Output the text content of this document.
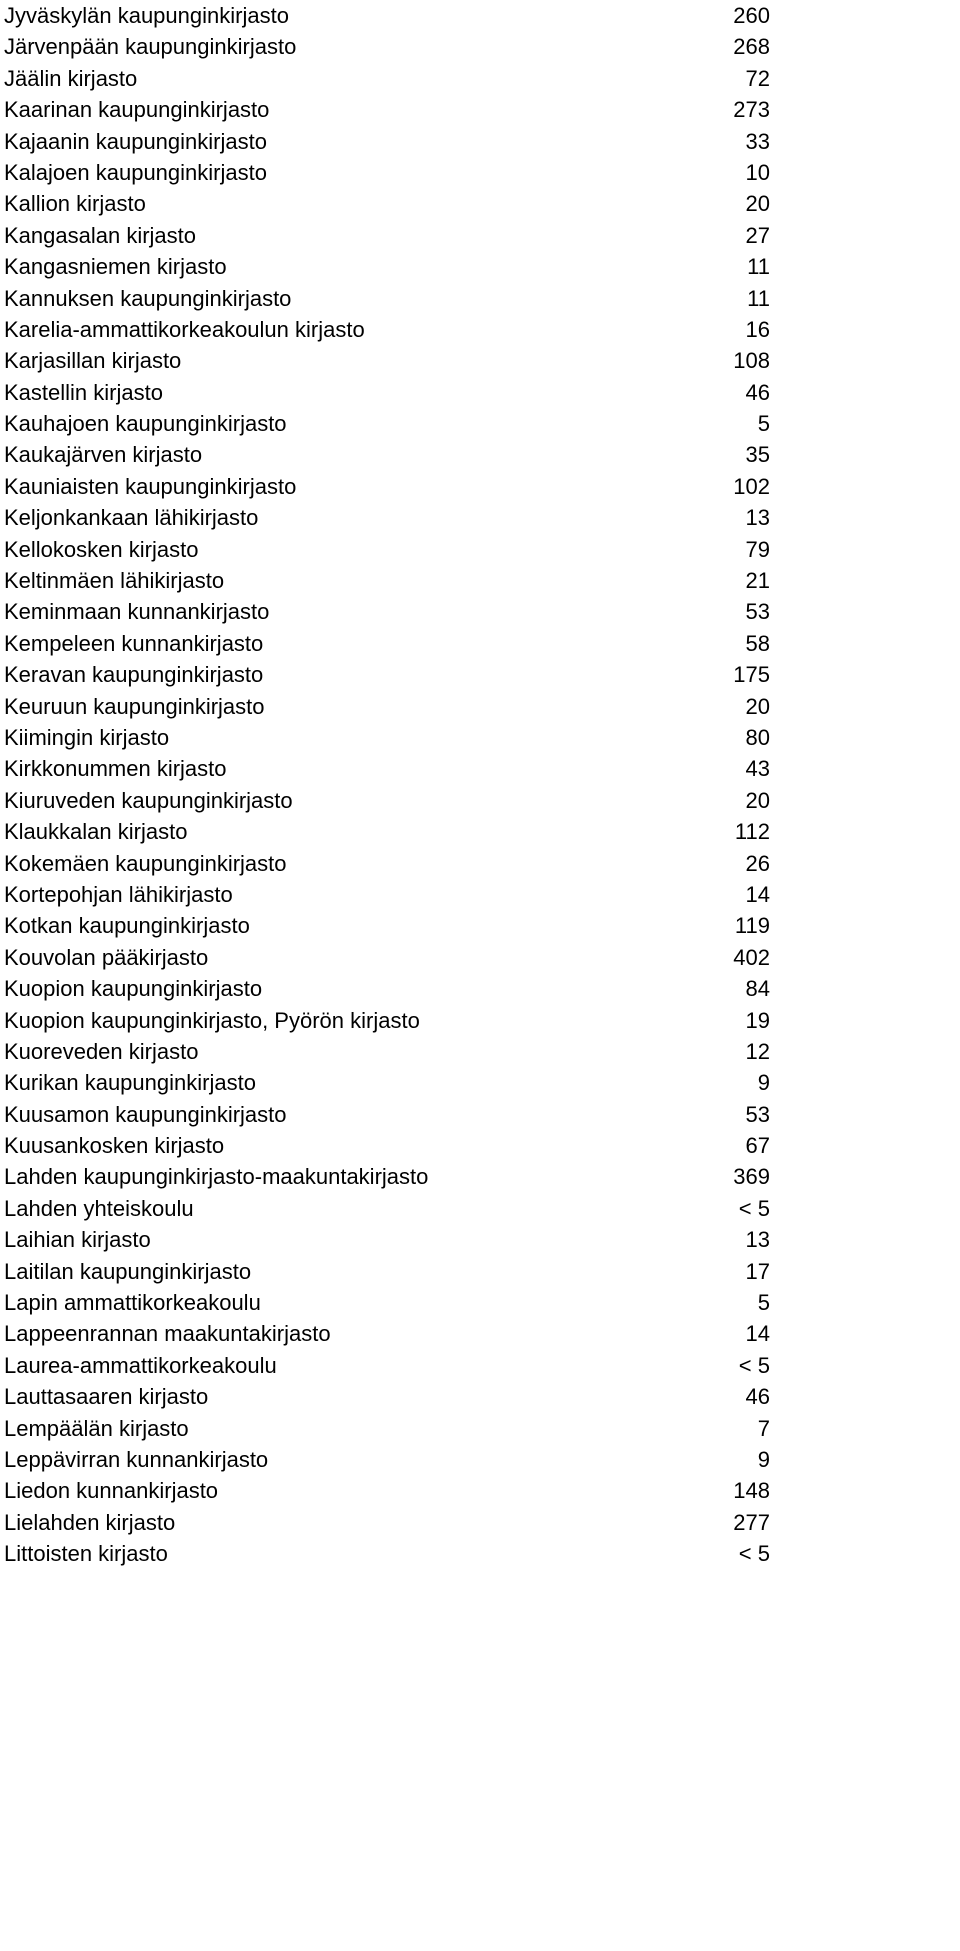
Jyväskylän kaupunginkirjasto	260
Järvenpään kaupunginkirjasto	268
Jäälin kirjasto	72
Kaarinan kaupunginkirjasto	273
Kajaanin kaupunginkirjasto	33
Kalajoen kaupunginkirjasto	10
Kallion kirjasto	20
Kangasalan kirjasto	27
Kangasniemen kirjasto	11
Kannuksen kaupunginkirjasto	11
Karelia-ammattikorkeakoulun kirjasto	16
Karjasillan kirjasto	108
Kastellin kirjasto	46
Kauhajoen kaupunginkirjasto	5
Kaukajärven kirjasto	35
Kauniaisten kaupunginkirjasto	102
Keljonkankaan lähikirjasto	13
Kellokosken kirjasto	79
Keltinmäen lähikirjasto	21
Keminmaan kunnankirjasto	53
Kempeleen kunnankirjasto	58
Keravan kaupunginkirjasto	175
Keuruun kaupunginkirjasto	20
Kiimingin kirjasto	80
Kirkkonummen kirjasto	43
Kiuruveden kaupunginkirjasto	20
Klaukkalan kirjasto	112
Kokemäen kaupunginkirjasto	26
Kortepohjan lähikirjasto	14
Kotkan kaupunginkirjasto	119
Kouvolan pääkirjasto	402
Kuopion kaupunginkirjasto	84
Kuopion kaupunginkirjasto, Pyörön kirjasto	19
Kuoreveden kirjasto	12
Kurikan kaupunginkirjasto	9
Kuusamon kaupunginkirjasto	53
Kuusankosken kirjasto	67
Lahden kaupunginkirjasto-maakuntakirjasto	369
Lahden yhteiskoulu	< 5
Laihian kirjasto	13
Laitilan kaupunginkirjasto	17
Lapin ammattikorkeakoulu	5
Lappeenrannan maakuntakirjasto	14
Laurea-ammattikorkeakoulu	< 5
Lauttasaaren kirjasto	46
Lempäälän kirjasto	7
Leppävirran kunnankirjasto	9
Liedon kunnankirjasto	148
Lielahden kirjasto	277
Littoisten kirjasto	< 5
